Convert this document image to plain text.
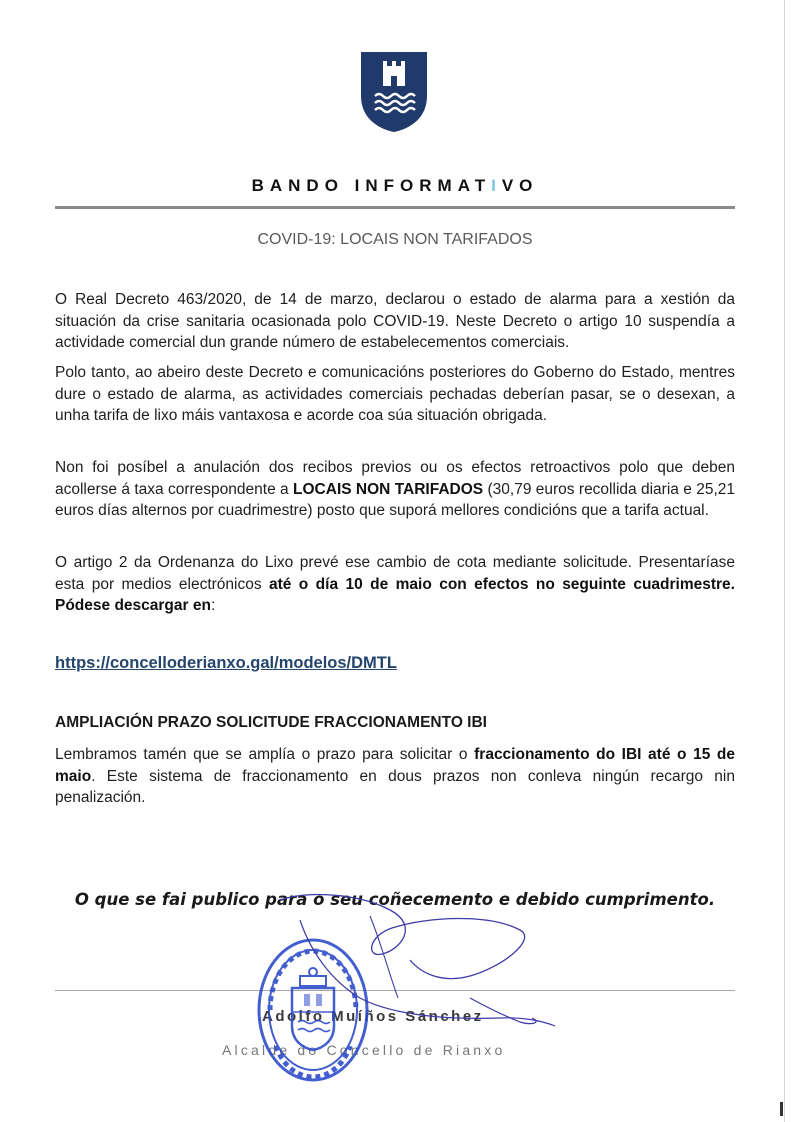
BANDO INFORMATIVO
COVID-19: LOCAIS NON TARIFADOS

O Real Decreto 463/2020, de 14 de marzo, declarou o estado de alarma para a xestión da situación da crise sanitaria ocasionada polo COVID-19. Neste Decreto o artigo 10 suspendía a actividade comercial dun grande número de estabelecementos comerciais.

Polo tanto, ao abeiro deste Decreto e comunicacións posteriores do Goberno do Estado, mentres dure o estado de alarma, as actividades comerciais pechadas deberían pasar, se o desexan, a unha tarifa de lixo máis vantaxosa e acorde coa súa situación obrigada.

Non foi posíbel a anulación dos recibos previos ou os efectos retroactivos polo que deben acollerse á taxa correspondente a LOCAIS NON TARIFADOS (30,79 euros recollida diaria e 25,21 euros días alternos por cuadrimestre) posto que suporá mellores condicións que a tarifa actual.

O artigo 2 da Ordenanza do Lixo prevé ese cambio de cota mediante solicitude. Presentaríase esta por medios electrónicos até o día 10 de maio con efectos no seguinte cuadrimestre. Pódese descargar en:

https://concelloderianxo.gal/modelos/DMTL
AMPLIACIÓN PRAZO SOLICITUDE FRACCIONAMENTO IBI

Lembramos tamén que se amplía o prazo para solicitar o fraccionamento do IBI até o 15 de maio. Este sistema de fraccionamento en dous prazos non conleva ningún recargo nin penalización.

O que se fai publico para o seu coñecemento e debido cumprimento.
Adolfo Muíños Sánchez
Alcalde do Concello de Rianxo
